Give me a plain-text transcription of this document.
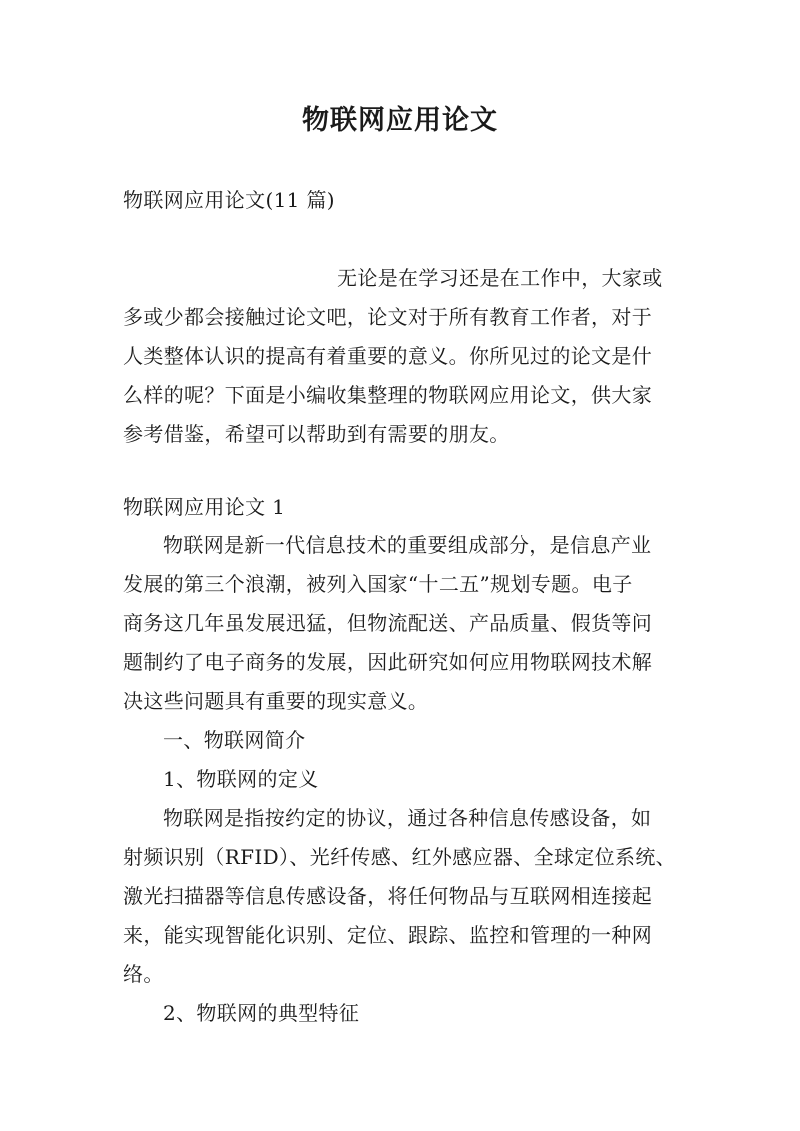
物联网应用论文
物联网应用论文(11 篇)
无论是在学习还是在工作中，大家或
多或少都会接触过论文吧，论文对于所有教育工作者，对于
人类整体认识的提高有着重要的意义。你所见过的论文是什
么样的呢？下面是小编收集整理的物联网应用论文，供大家
参考借鉴，希望可以帮助到有需要的朋友。
物联网应用论文 1
物联网是新一代信息技术的重要组成部分，是信息产业
发展的第三个浪潮，被列入国家“十二五”规划专题。电子
商务这几年虽发展迅猛，但物流配送、产品质量、假货等问
题制约了电子商务的发展，因此研究如何应用物联网技术解
决这些问题具有重要的现实意义。
一、物联网简介
1、物联网的定义
物联网是指按约定的协议，通过各种信息传感设备，如
射频识别（RFID）、光纤传感、红外感应器、全球定位系统、
激光扫描器等信息传感设备，将任何物品与互联网相连接起
来，能实现智能化识别、定位、跟踪、监控和管理的一种网
络。
2、物联网的典型特征
